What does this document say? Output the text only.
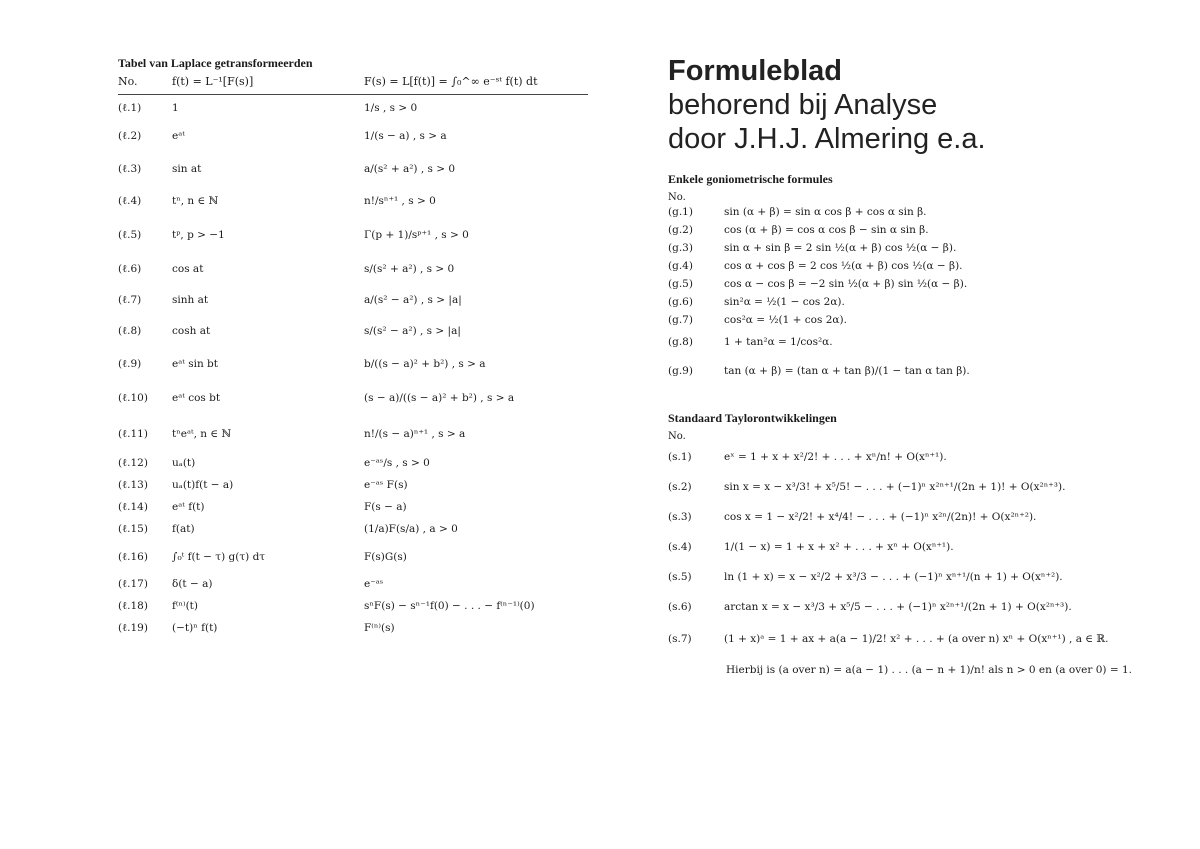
Tabel van Laplace getransformeerden
No.	f(t) = L⁻¹[F(s)]	F(s) = L[f(t)] = ∫₀^∞ e⁻ˢᵗ f(t) dt
(ℓ.1)	1	1/s , s > 0
(ℓ.2)	eᵃᵗ	1/(s − a) , s > a
(ℓ.3)	sin at	a/(s² + a²) , s > 0
(ℓ.4)	tⁿ, n ∈ ℕ	n!/sⁿ⁺¹ , s > 0
(ℓ.5)	tᵖ, p > −1	Γ(p + 1)/sᵖ⁺¹ , s > 0
(ℓ.6)	cos at	s/(s² + a²) , s > 0
(ℓ.7)	sinh at	a/(s² − a²) , s > |a|
(ℓ.8)	cosh at	s/(s² − a²) , s > |a|
(ℓ.9)	eᵃᵗ sin bt	b/((s − a)² + b²) , s > a
(ℓ.10)	eᵃᵗ cos bt	(s − a)/((s − a)² + b²) , s > a
(ℓ.11)	tⁿeᵃᵗ, n ∈ ℕ	n!/(s − a)ⁿ⁺¹ , s > a
(ℓ.12)	uₐ(t)	e⁻ᵃˢ/s , s > 0
(ℓ.13)	uₐ(t)f(t − a)	e⁻ᵃˢ F(s)
(ℓ.14)	eᵃᵗ f(t)	F(s − a)
(ℓ.15)	f(at)	(1/a)F(s/a) , a > 0
(ℓ.16)	∫₀ᵗ f(t − τ) g(τ) dτ	F(s)G(s)
(ℓ.17)	δ(t − a)	e⁻ᵃˢ
(ℓ.18)	f⁽ⁿ⁾(t)	sⁿF(s) − sⁿ⁻¹f(0) − . . . − f⁽ⁿ⁻¹⁾(0)
(ℓ.19)	(−t)ⁿ f(t)	F⁽ⁿ⁾(s)
Formuleblad
behorend bij Analyse
door J.H.J. Almering e.a.
Enkele goniometrische formules
No.
(g.1)	sin (α + β) = sin α cos β + cos α sin β.
(g.2)	cos (α + β) = cos α cos β − sin α sin β.
(g.3)	sin α + sin β = 2 sin ½(α + β) cos ½(α − β).
(g.4)	cos α + cos β = 2 cos ½(α + β) cos ½(α − β).
(g.5)	cos α − cos β = −2 sin ½(α + β) sin ½(α − β).
(g.6)	sin²α = ½(1 − cos 2α).
(g.7)	cos²α = ½(1 + cos 2α).
(g.8)	1 + tan²α = 1/cos²α.
(g.9)	tan (α + β) = (tan α + tan β)/(1 − tan α tan β).
Standaard Taylorontwikkelingen
No.
(s.1)	eˣ = 1 + x + x²/2! + . . . + xⁿ/n! + O(xⁿ⁺¹).
(s.2)	sin x = x − x³/3! + x⁵/5! − . . . + (−1)ⁿ x²ⁿ⁺¹/(2n + 1)! + O(x²ⁿ⁺³).
(s.3)	cos x = 1 − x²/2! + x⁴/4! − . . . + (−1)ⁿ x²ⁿ/(2n)! + O(x²ⁿ⁺²).
(s.4)	1/(1 − x) = 1 + x + x² + . . . + xⁿ + O(xⁿ⁺¹).
(s.5)	ln (1 + x) = x − x²/2 + x³/3 − . . . + (−1)ⁿ xⁿ⁺¹/(n + 1) + O(xⁿ⁺²).
(s.6)	arctan x = x − x³/3 + x⁵/5 − . . . + (−1)ⁿ x²ⁿ⁺¹/(2n + 1) + O(x²ⁿ⁺³).
(s.7)	(1 + x)ᵃ = 1 + ax + a(a − 1)/2! x² + . . . + (a over n) xⁿ + O(xⁿ⁺¹) , a ∈ ℝ.
Hierbij is (a over n) = a(a − 1) . . . (a − n + 1)/n! als n > 0 en (a over 0) = 1.
